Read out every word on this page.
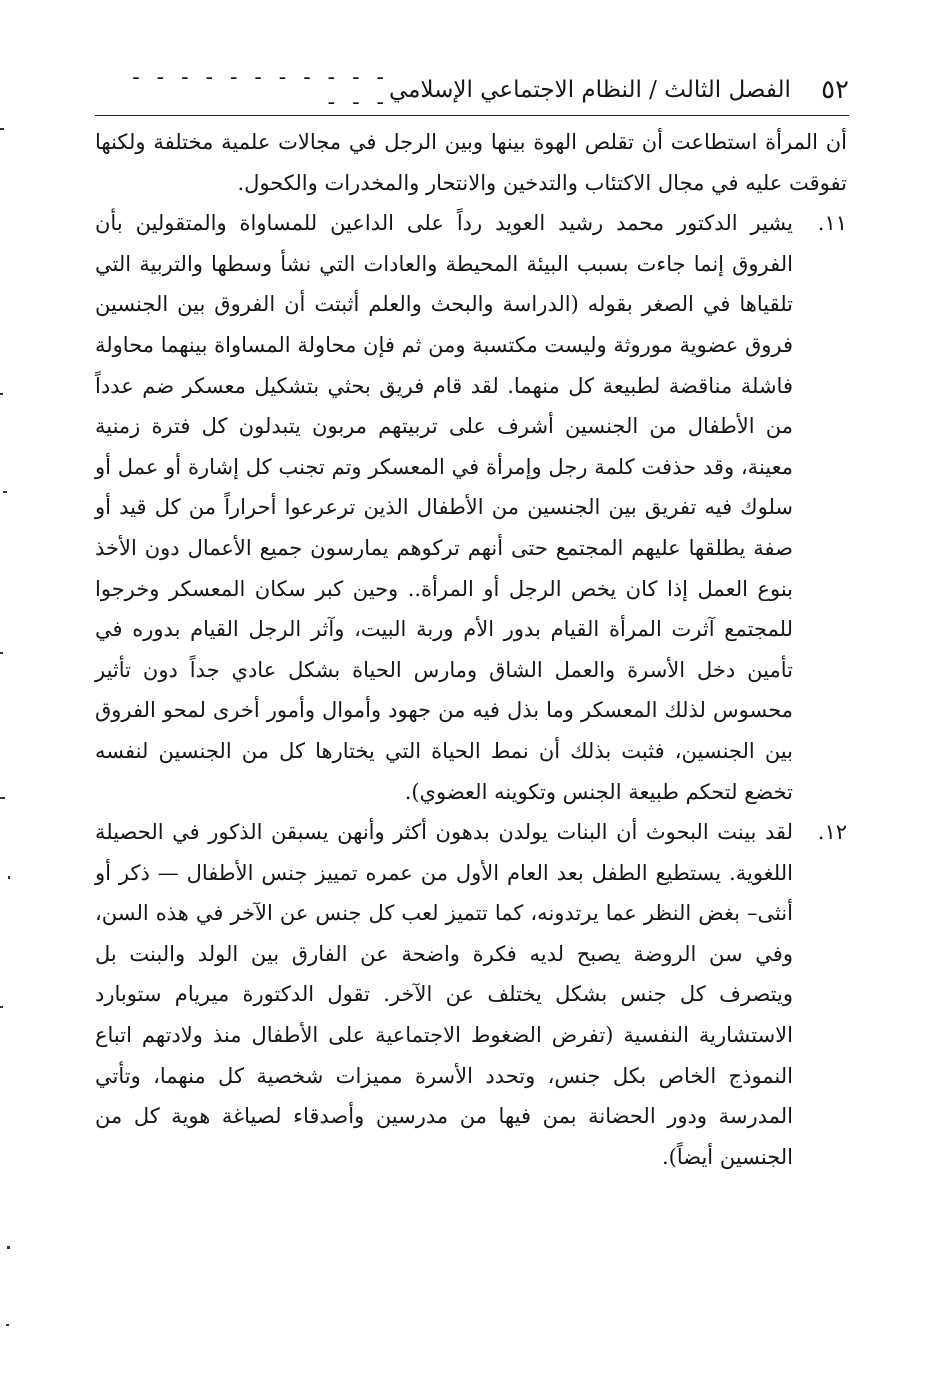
٥٢
الفصل الثالث / النظام الاجتماعي الإسلامي
- - - - - - - - - - - - - -

أن المرأة استطاعت أن تقلص الهوة بينها وبين الرجل في مجالات علمية مختلفة ولكنها تفوقت عليه في مجال الاكتئاب والتدخين والانتحار والمخدرات والكحول.

١١.

يشير الدكتور محمد رشيد العويد رداً على الداعين للمساواة والمتقولين بأن الفروق إنما جاءت بسبب البيئة المحيطة والعادات التي نشأ وسطها والتربية التي تلقياها في الصغر بقوله (الدراسة والبحث والعلم أثبتت أن الفروق بين الجنسين فروق عضوية موروثة وليست مكتسبة ومن ثم فإن محاولة المساواة بينهما محاولة فاشلة مناقضة لطبيعة كل منهما. لقد قام فريق بحثي بتشكيل معسكر ضم عدداً من الأطفال من الجنسين أشرف على تربيتهم مربون يتبدلون كل فترة زمنية معينة، وقد حذفت كلمة رجل وإمرأة في المعسكر وتم تجنب كل إشارة أو عمل أو سلوك فيه تفريق بين الجنسين من الأطفال الذين ترعرعوا أحراراً من كل قيد أو صفة يطلقها عليهم المجتمع حتى أنهم تركوهم يمارسون جميع الأعمال دون الأخذ بنوع العمل إذا كان يخص الرجل أو المرأة.. وحين كبر سكان المعسكر وخرجوا للمجتمع آثرت المرأة القيام بدور الأم وربة البيت، وآثر الرجل القيام بدوره في تأمين دخل الأسرة والعمل الشاق ومارس الحياة بشكل عادي جداً دون تأثير محسوس لذلك المعسكر وما بذل فيه من جهود وأموال وأمور أخرى لمحو الفروق بين الجنسين، فثبت بذلك أن نمط الحياة التي يختارها كل من الجنسين لنفسه تخضع لتحكم طبيعة الجنس وتكوينه العضوي).

١٢.

لقد بينت البحوث أن البنات يولدن بدهون أكثر وأنهن يسبقن الذكور في الحصيلة اللغوية. يستطيع الطفل بعد العام الأول من عمره تمييز جنس الأطفال — ذكر أو أنثى– بغض النظر عما يرتدونه، كما تتميز لعب كل جنس عن الآخر في هذه السن، وفي سن الروضة يصبح لديه فكرة واضحة عن الفارق بين الولد والبنت بل ويتصرف كل جنس بشكل يختلف عن الآخر. تقول الدكتورة ميريام ستوبارد الاستشارية النفسية (تفرض الضغوط الاجتماعية على الأطفال منذ ولادتهم اتباع النموذج الخاص بكل جنس، وتحدد الأسرة مميزات شخصية كل منهما، وتأتي المدرسة ودور الحضانة بمن فيها من مدرسين وأصدقاء لصياغة هوية كل من الجنسين أيضاً).
